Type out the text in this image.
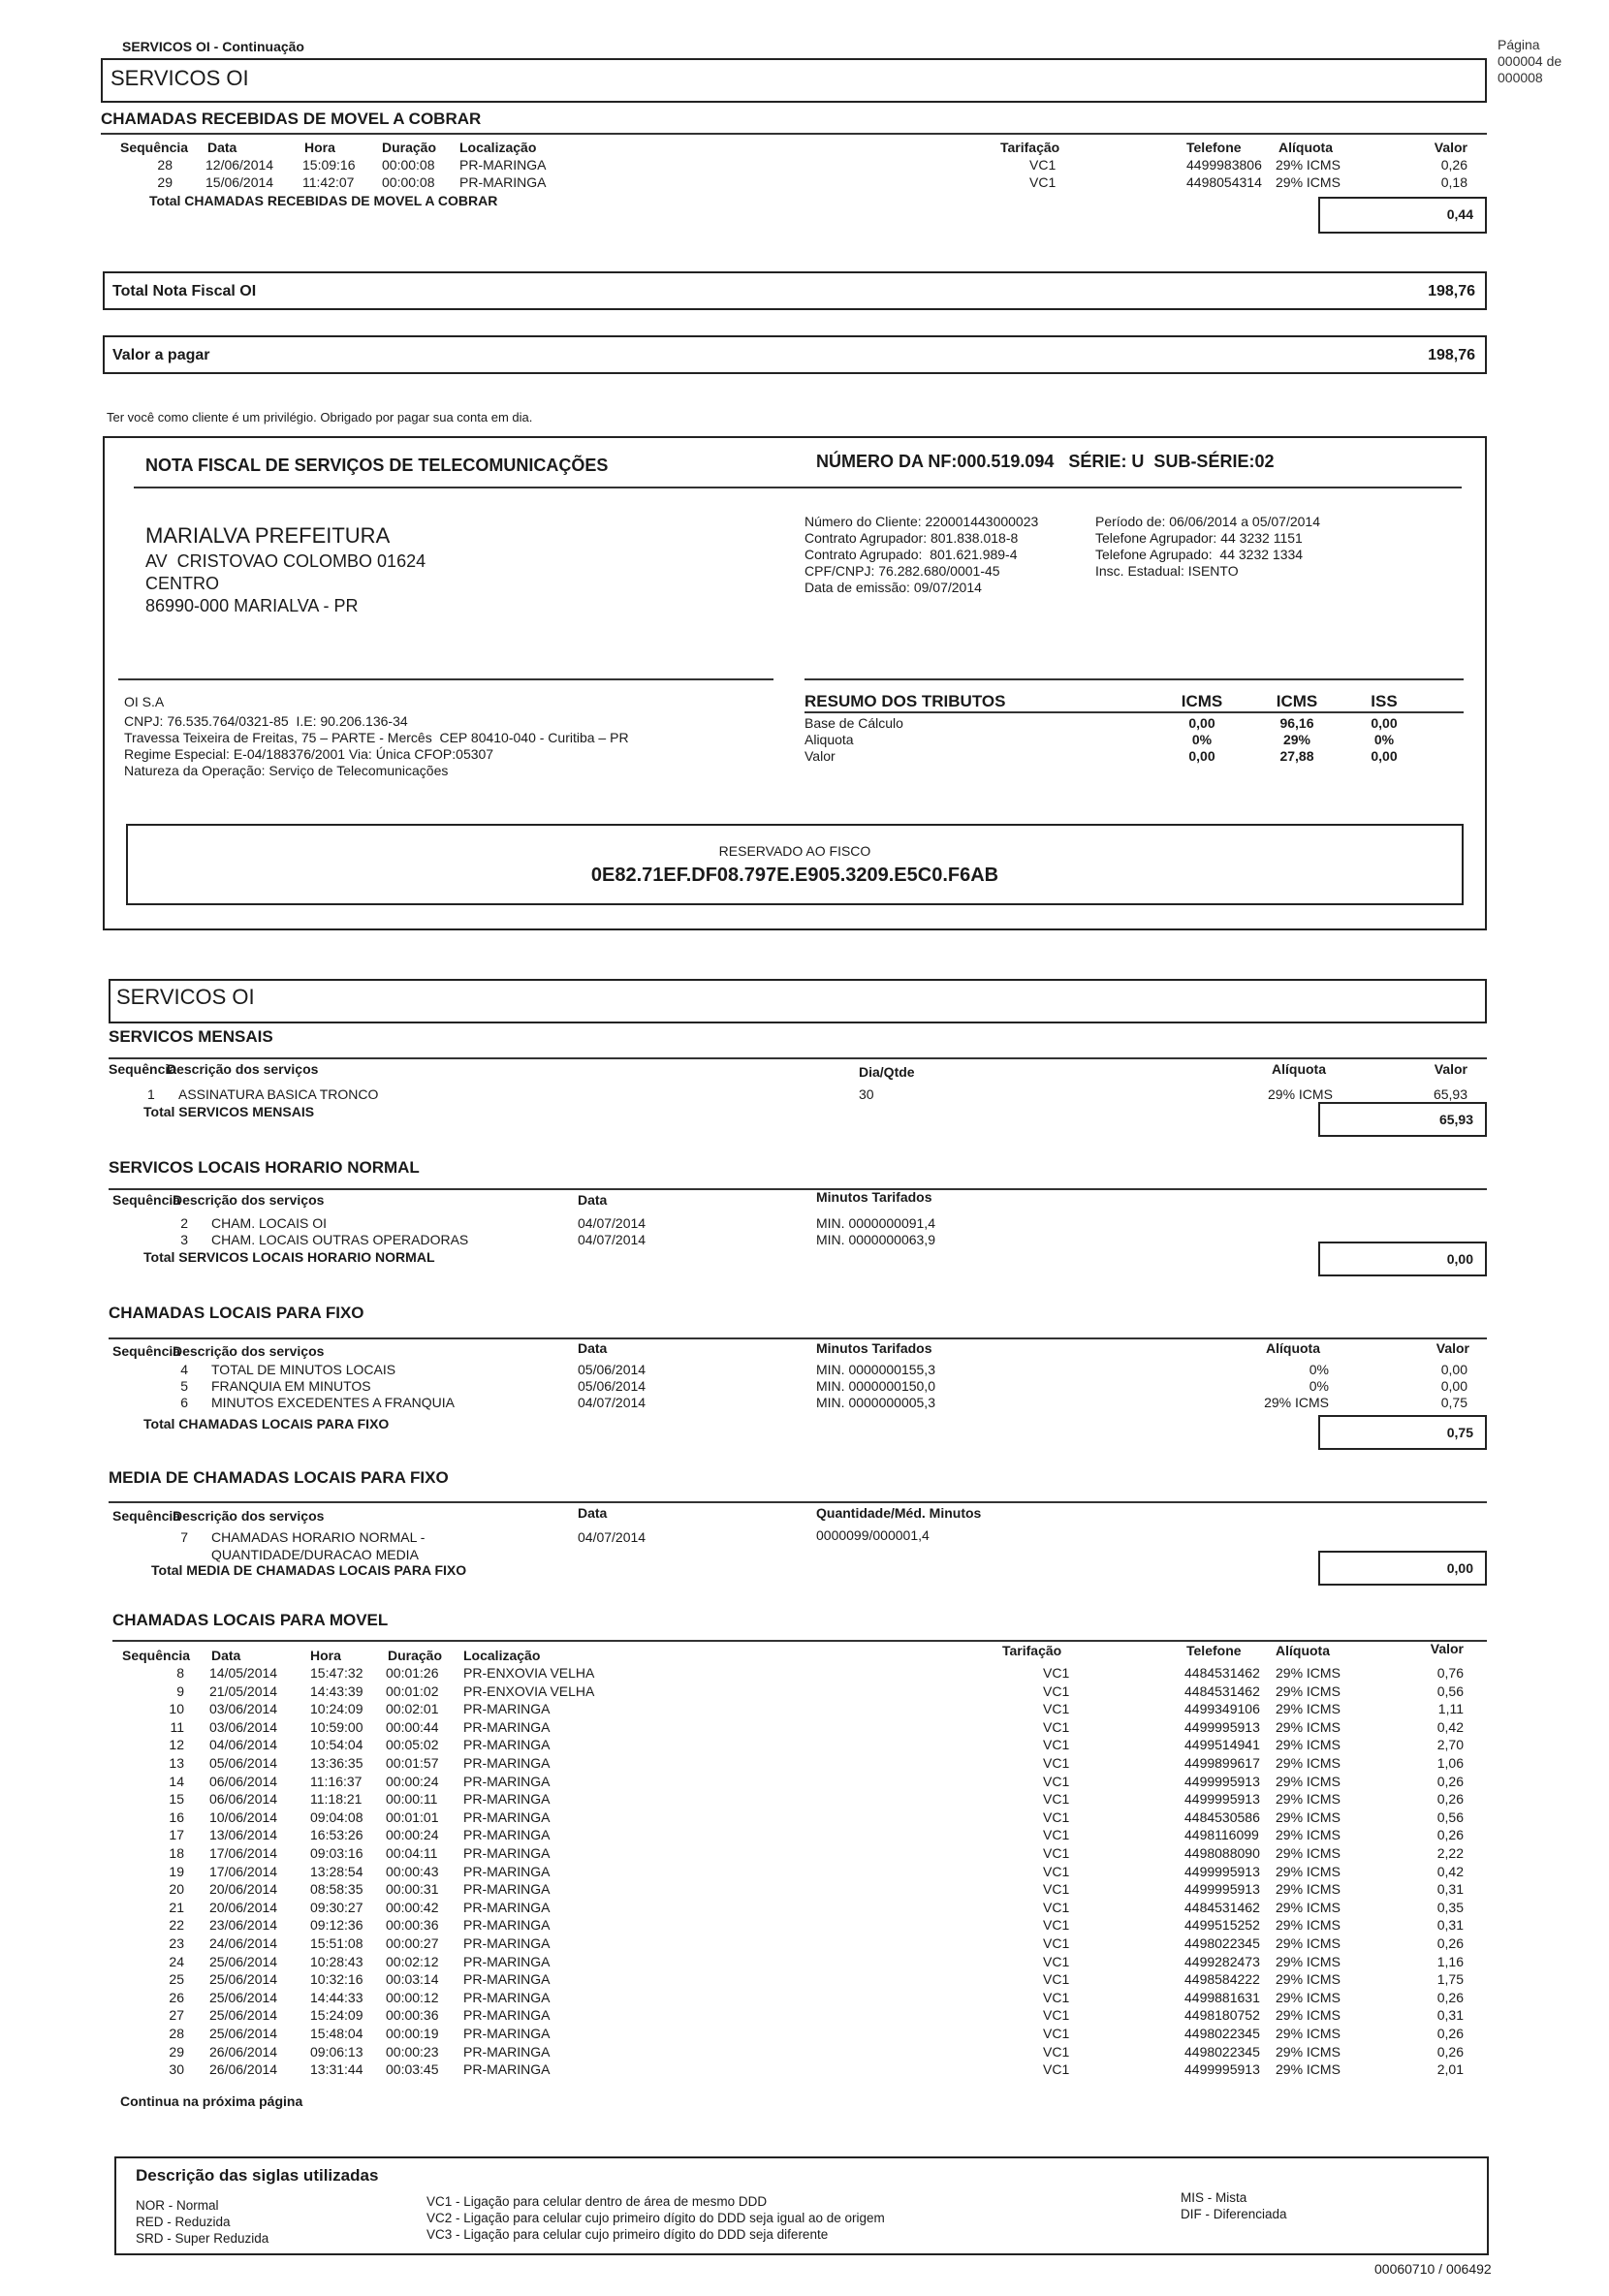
SERVICOS OI - Continuação	Página
000004 de
000008
SERVICOS OI
CHAMADAS RECEBIDAS DE MOVEL A COBRAR
Sequência Data	Hora	Duração Localização	Tarifação	Telefone	Alíquota	Valor
28 12/06/2014 15:09:16 00:00:08 PR-MARINGA	VC1	4499983806 29% ICMS	0,26
29 15/06/2014 11:42:07 00:00:08 PR-MARINGA	VC1	4498054314 29% ICMS	0,18
Total CHAMADAS RECEBIDAS DE MOVEL A COBRAR
0,44
Total Nota Fiscal OI	198,76
Valor a pagar	198,76
Ter você como cliente é um privilégio. Obrigado por pagar sua conta em dia.
NOTA FISCAL DE SERVIÇOS DE TELECOMUNICAÇÕES	NÚMERO DA NF:000.519.094   SÉRIE: U  SUB-SÉRIE:02
MARIALVA PREFEITURA
AV  CRISTOVAO COLOMBO 01624
CENTRO
86990-000 MARIALVA - PR
Número do Cliente: 220001443000023
Contrato Agrupador: 801.838.018-8
Contrato Agrupado:  801.621.989-4
CPF/CNPJ: 76.282.680/0001-45
Data de emissão: 09/07/2014
Período de: 06/06/2014 a 05/07/2014
Telefone Agrupador: 44 3232 1151
Telefone Agrupado:  44 3232 1334
Insc. Estadual: ISENTO
OI S.A
CNPJ: 76.535.764/0321-85  I.E: 90.206.136-34
Travessa Teixeira de Freitas, 75 – PARTE - Mercês  CEP 80410-040 - Curitiba – PR
Regime Especial: E-04/188376/2001 Via: Única CFOP:05307
Natureza da Operação: Serviço de Telecomunicações
RESUMO DOS TRIBUTOS	ICMS	ICMS	ISS
Base de Cálculo	0,00	96,16	0,00
Aliquota	0%	29%	0%
Valor	0,00	27,88	0,00
RESERVADO AO FISCO
0E82.71EF.DF08.797E.E905.3209.E5C0.F6AB
SERVICOS OI
SERVICOS MENSAIS
Sequência
Descrição dos serviços	Dia/Qtde	Alíquota	Valor
1 ASSINATURA BASICA TRONCO	30	29% ICMS	65,93
Total SERVICOS MENSAIS	65,93
SERVICOS LOCAIS HORARIO NORMAL
Sequência
Descrição dos serviços	Data	Minutos Tarifados
2 CHAM. LOCAIS OI	04/07/2014	MIN. 0000000091,4
3 CHAM. LOCAIS OUTRAS OPERADORAS	04/07/2014	MIN. 0000000063,9
Total SERVICOS LOCAIS HORARIO NORMAL	0,00
CHAMADAS LOCAIS PARA FIXO
Sequência
Descrição dos serviços	Data	Minutos Tarifados	Alíquota	Valor
4 TOTAL DE MINUTOS LOCAIS	05/06/2014	MIN. 0000000155,3	0%	0,00
5 FRANQUIA EM MINUTOS	05/06/2014	MIN. 0000000150,0	0%	0,00
6 MINUTOS EXCEDENTES A FRANQUIA	04/07/2014	MIN. 0000000005,3	29% ICMS	0,75
Total CHAMADAS LOCAIS PARA FIXO
0,75
MEDIA DE CHAMADAS LOCAIS PARA FIXO
Sequência
Descrição dos serviços	Data	Quantidade/Méd. Minutos
7 CHAMADAS HORARIO NORMAL -	04/07/2014	0000099/000001,4
QUANTIDADE/DURACAO MEDIA
Total MEDIA DE CHAMADAS LOCAIS PARA FIXO	0,00
CHAMADAS LOCAIS PARA MOVEL
Sequência Data	Hora	Duração Localização	Tarifação	Telefone	Alíquota	Valor
8 14/05/2014 15:47:32 00:01:26 PR-ENXOVIA VELHA	VC1	4484531462 29% ICMS	0,76
9 21/05/2014 14:43:39 00:01:02 PR-ENXOVIA VELHA	VC1	4484531462 29% ICMS	0,56
10 03/06/2014 10:24:09 00:02:01 PR-MARINGA	VC1	4499349106 29% ICMS	1,11
11 03/06/2014 10:59:00 00:00:44 PR-MARINGA	VC1	4499995913 29% ICMS	0,42
12 04/06/2014 10:54:04 00:05:02 PR-MARINGA	VC1	4499514941 29% ICMS	2,70
13 05/06/2014 13:36:35 00:01:57 PR-MARINGA	VC1	4499899617 29% ICMS	1,06
14 06/06/2014 11:16:37 00:00:24 PR-MARINGA	VC1	4499995913 29% ICMS	0,26
15 06/06/2014 11:18:21 00:00:11 PR-MARINGA	VC1	4499995913 29% ICMS	0,26
16 10/06/2014 09:04:08 00:01:01 PR-MARINGA	VC1	4484530586 29% ICMS	0,56
17 13/06/2014 16:53:26 00:00:24 PR-MARINGA	VC1	4498116099 29% ICMS	0,26
18 17/06/2014 09:03:16 00:04:11 PR-MARINGA	VC1	4498088090 29% ICMS	2,22
19 17/06/2014 13:28:54 00:00:43 PR-MARINGA	VC1	4499995913 29% ICMS	0,42
20 20/06/2014 08:58:35 00:00:31 PR-MARINGA	VC1	4499995913 29% ICMS	0,31
21 20/06/2014 09:30:27 00:00:42 PR-MARINGA	VC1	4484531462 29% ICMS	0,35
22 23/06/2014 09:12:36 00:00:36 PR-MARINGA	VC1	4499515252 29% ICMS	0,31
23 24/06/2014 15:51:08 00:00:27 PR-MARINGA	VC1	4498022345 29% ICMS	0,26
24 25/06/2014 10:28:43 00:02:12 PR-MARINGA	VC1	4499282473 29% ICMS	1,16
25 25/06/2014 10:32:16 00:03:14 PR-MARINGA	VC1	4498584222 29% ICMS	1,75
26 25/06/2014 14:44:33 00:00:12 PR-MARINGA	VC1	4499881631 29% ICMS	0,26
27 25/06/2014 15:24:09 00:00:36 PR-MARINGA	VC1	4498180752 29% ICMS	0,31
28 25/06/2014 15:48:04 00:00:19 PR-MARINGA	VC1	4498022345 29% ICMS	0,26
29 26/06/2014 09:06:13 00:00:23 PR-MARINGA	VC1	4498022345 29% ICMS	0,26
30 26/06/2014 13:31:44 00:03:45 PR-MARINGA	VC1	4499995913 29% ICMS	2,01
Continua na próxima página
Descrição das siglas utilizadas
NOR - Normal
RED - Reduzida
SRD - Super Reduzida
VC1 - Ligação para celular dentro de área de mesmo DDD
VC2 - Ligação para celular cujo primeiro dígito do DDD seja igual ao de origem
VC3 - Ligação para celular cujo primeiro dígito do DDD seja diferente
MIS - Mista
DIF - Diferenciada
00060710 / 006492
